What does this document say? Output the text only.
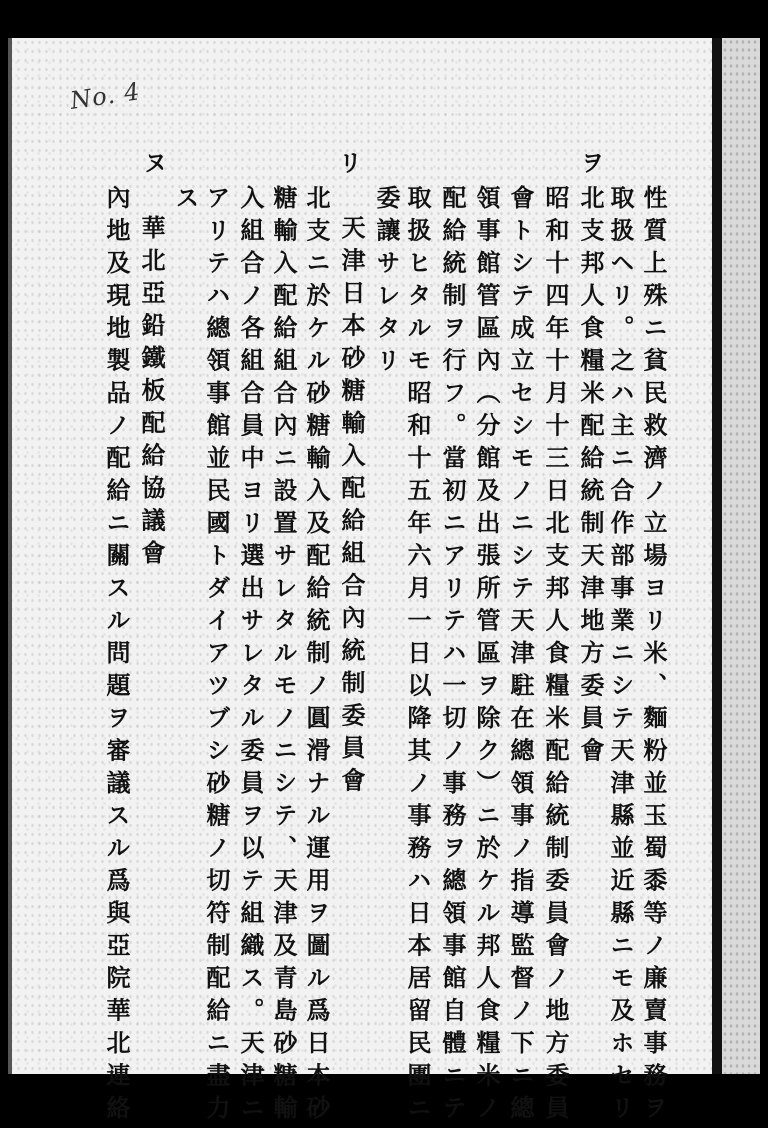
No. 4
性質上殊ニ貧民救濟ノ立場ヨリ米、麵粉並玉蜀黍等ノ廉賣事務ヲ
取扱ヘリ。之ハ主ニ合作部事業ニシテ天津縣並近縣ニモ及ホセリ
北支邦人食糧米配給統制天津地方委員會
ヲ
昭和十四年十月十三日北支邦人食糧米配給統制委員會ノ地方委員
會トシテ成立セシモノニシテ天津駐在總領事ノ指導監督ノ下ニ總
領事館管區內（分館及出張所管區ヲ除ク）ニ於ケル邦人食糧米ノ
配給統制ヲ行フ。當初ニアリテハ一切ノ事務ヲ總領事館自體ニテ
取扱ヒタルモ昭和十五年六月一日以降其ノ事務ハ日本居留民團ニ
委讓サレタリ
リ
天津日本砂糖輸入配給組合內統制委員會
北支ニ於ケル砂糖輸入及配給統制ノ圓滑ナル運用ヲ圖ル爲日本砂
糖輸入配給組合內ニ設置サレタルモノニシテ、天津及青島砂糖輸
入組合ノ各組合員中ヨリ選出サレタル委員ヲ以テ組織ス。天津ニ
アリテハ總領事館並民國トダイアツブシ砂糖ノ切符制配給ニ盡力
ス
ヌ
華北亞鉛鐵板配給協議會
內地及現地製品ノ配給ニ關スル問題ヲ審議スル爲與亞院華北連絡
